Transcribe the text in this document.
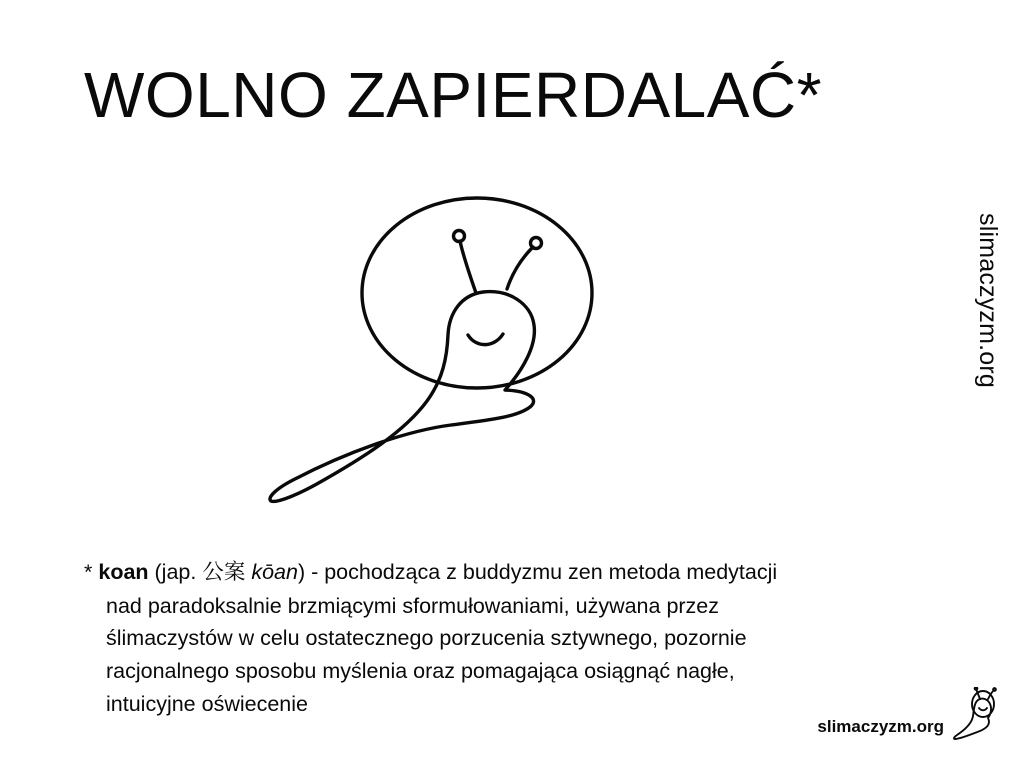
WOLNO ZAPIERDALAĆ*
slimaczyzm.org
* koan (jap. 公案 kōan) - pochodząca z buddyzmu zen metoda medytacji
nad paradoksalnie brzmiącymi sformułowaniami, używana przez
ślimaczystów w celu ostatecznego porzucenia sztywnego, pozornie
racjonalnego sposobu myślenia oraz pomagająca osiągnąć nagłe,
intuicyjne oświecenie
slimaczyzm.org
